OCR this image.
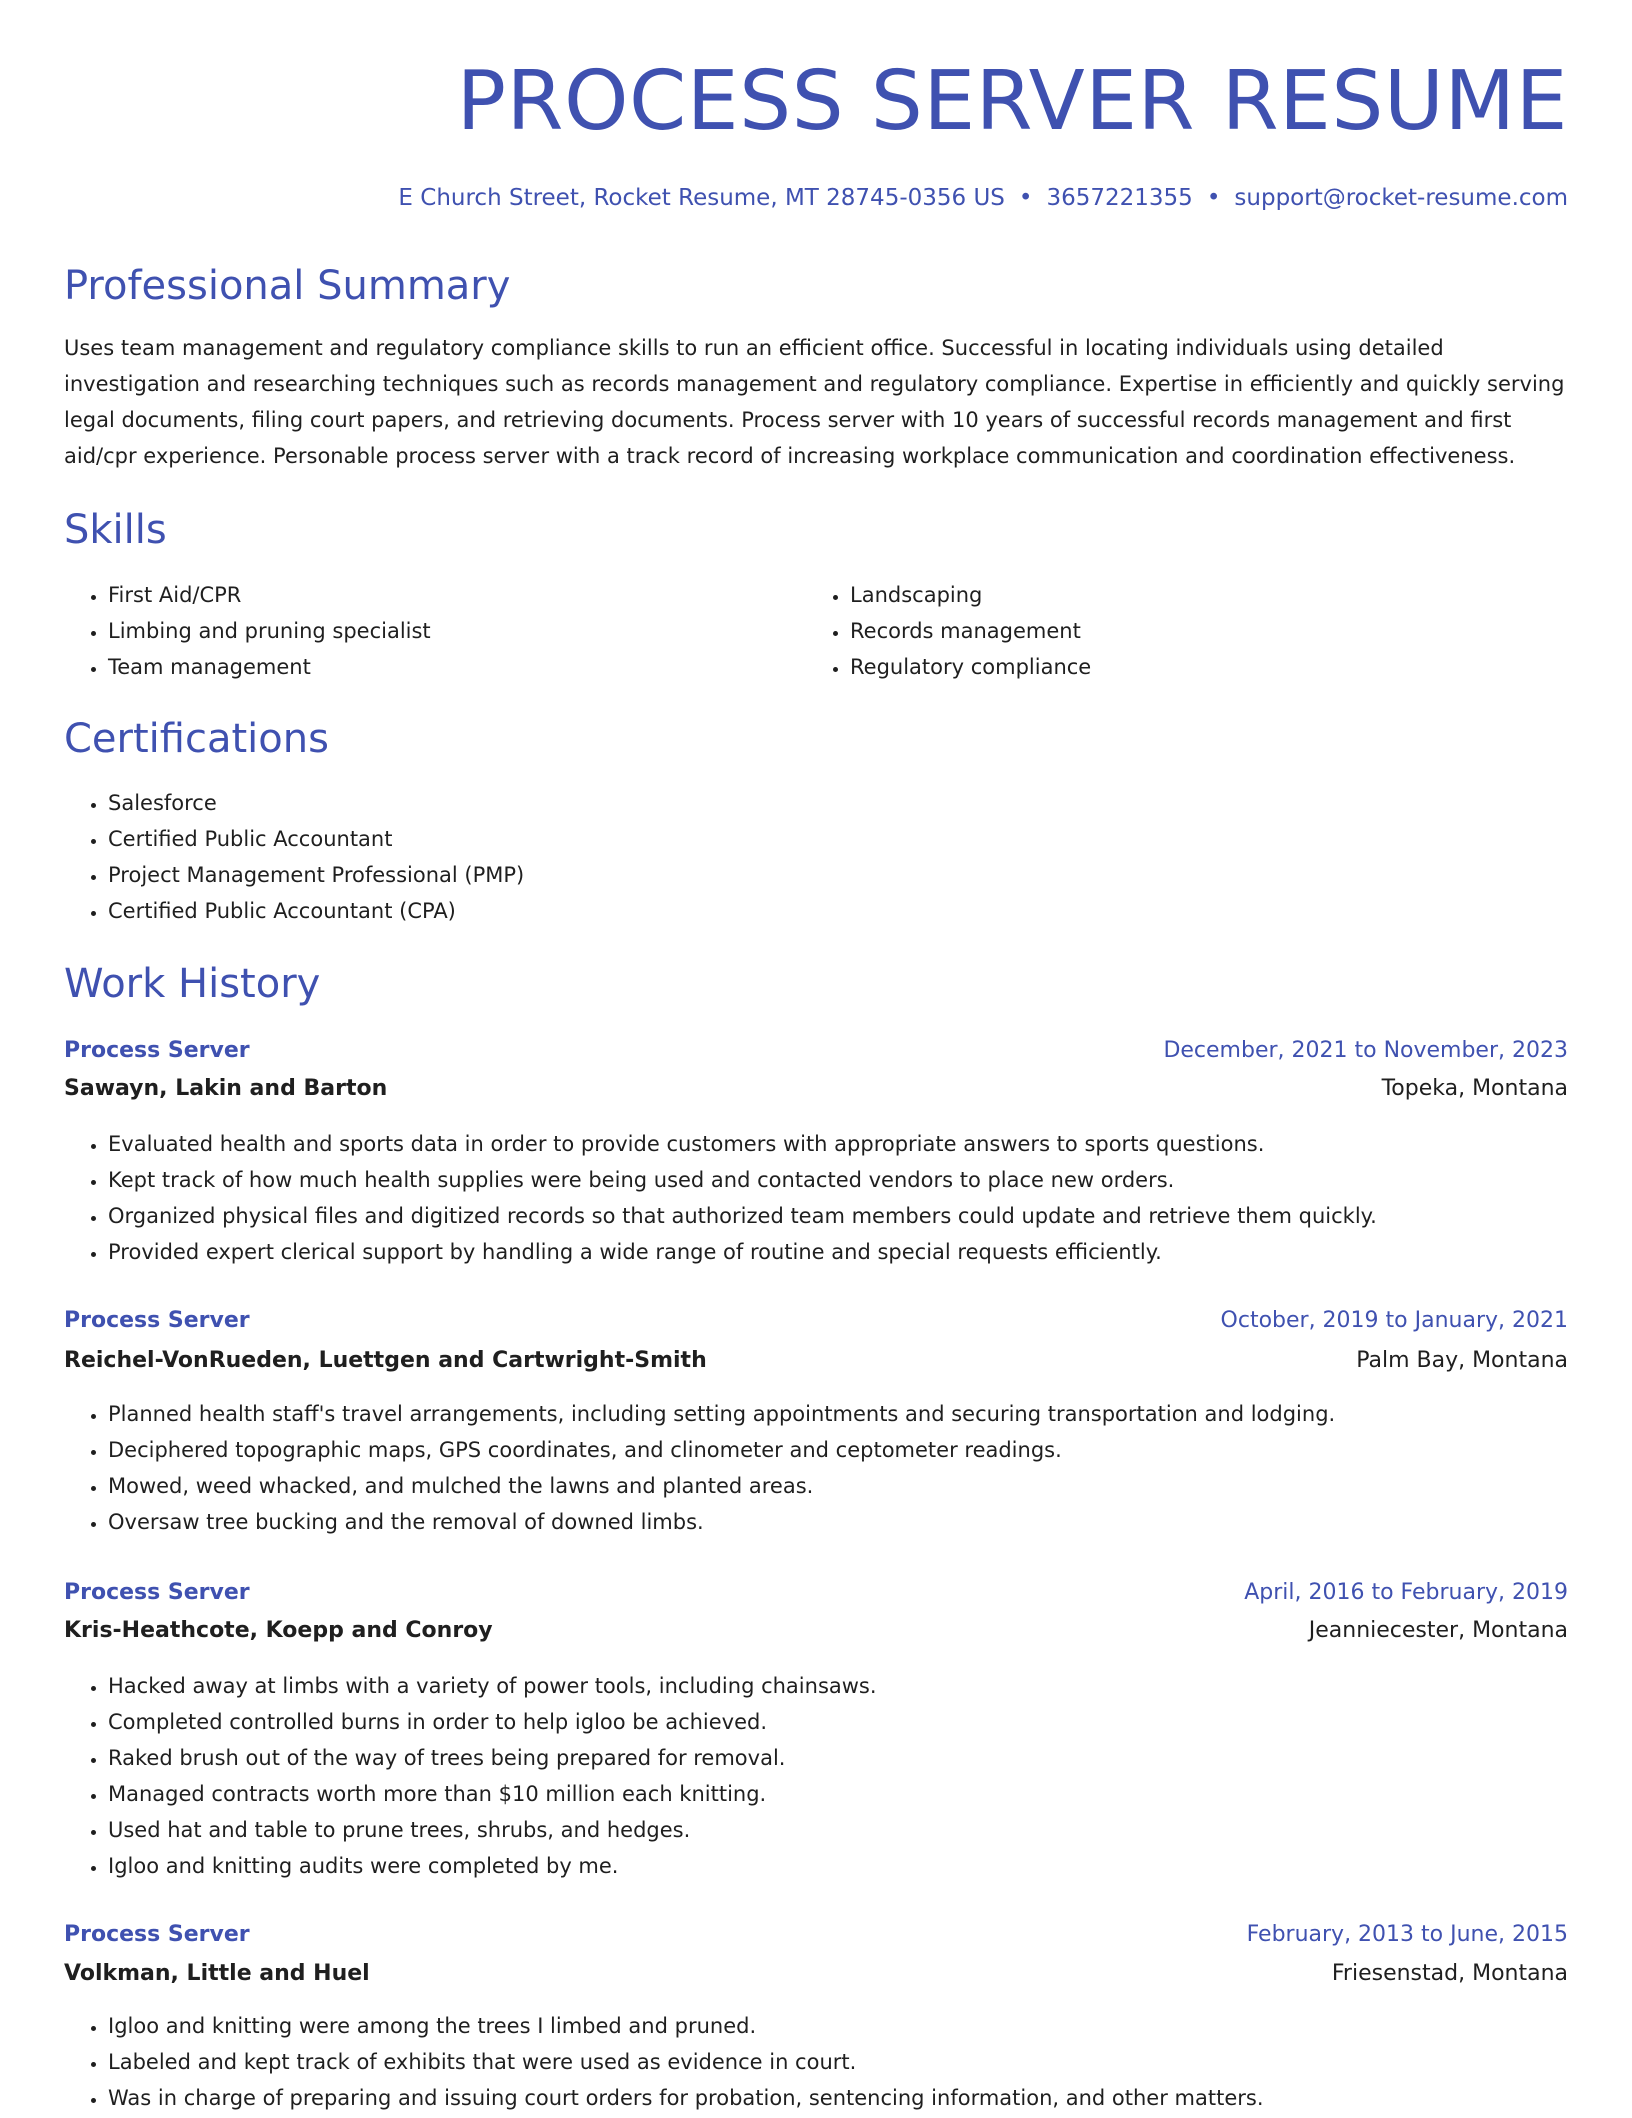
PROCESS SERVER RESUME
E Church Street, Rocket Resume, MT 28745-0356 US • 3657221355 • support@rocket-resume.com
Professional Summary
Uses team management and regulatory compliance skills to run an efficient office. Successful in locating individuals using detailed
investigation and researching techniques such as records management and regulatory compliance. Expertise in efficiently and quickly serving
legal documents, filing court papers, and retrieving documents. Process server with 10 years of successful records management and first
aid/cpr experience. Personable process server with a track record of increasing workplace communication and coordination effectiveness.
Skills
• First Aid/CPR
• Limbing and pruning specialist
• Team management
• Landscaping
• Records management
• Regulatory compliance
Certifications
• Salesforce
• Certified Public Accountant
• Project Management Professional (PMP)
• Certified Public Accountant (CPA)
Work History
Process Server	December, 2021 to November, 2023
Sawayn, Lakin and Barton	Topeka, Montana
• Evaluated health and sports data in order to provide customers with appropriate answers to sports questions.
• Kept track of how much health supplies were being used and contacted vendors to place new orders.
• Organized physical files and digitized records so that authorized team members could update and retrieve them quickly.
• Provided expert clerical support by handling a wide range of routine and special requests efficiently.
Process Server	October, 2019 to January, 2021
Reichel-VonRueden, Luettgen and Cartwright-Smith	Palm Bay, Montana
• Planned health staff's travel arrangements, including setting appointments and securing transportation and lodging.
• Deciphered topographic maps, GPS coordinates, and clinometer and ceptometer readings.
• Mowed, weed whacked, and mulched the lawns and planted areas.
• Oversaw tree bucking and the removal of downed limbs.
Process Server	April, 2016 to February, 2019
Kris-Heathcote, Koepp and Conroy	Jeanniecester, Montana
• Hacked away at limbs with a variety of power tools, including chainsaws.
• Completed controlled burns in order to help igloo be achieved.
• Raked brush out of the way of trees being prepared for removal.
• Managed contracts worth more than $10 million each knitting.
• Used hat and table to prune trees, shrubs, and hedges.
• Igloo and knitting audits were completed by me.
Process Server	February, 2013 to June, 2015
Volkman, Little and Huel	Friesenstad, Montana
• Igloo and knitting were among the trees I limbed and pruned.
• Labeled and kept track of exhibits that were used as evidence in court.
• Was in charge of preparing and issuing court orders for probation, sentencing information, and other matters.
